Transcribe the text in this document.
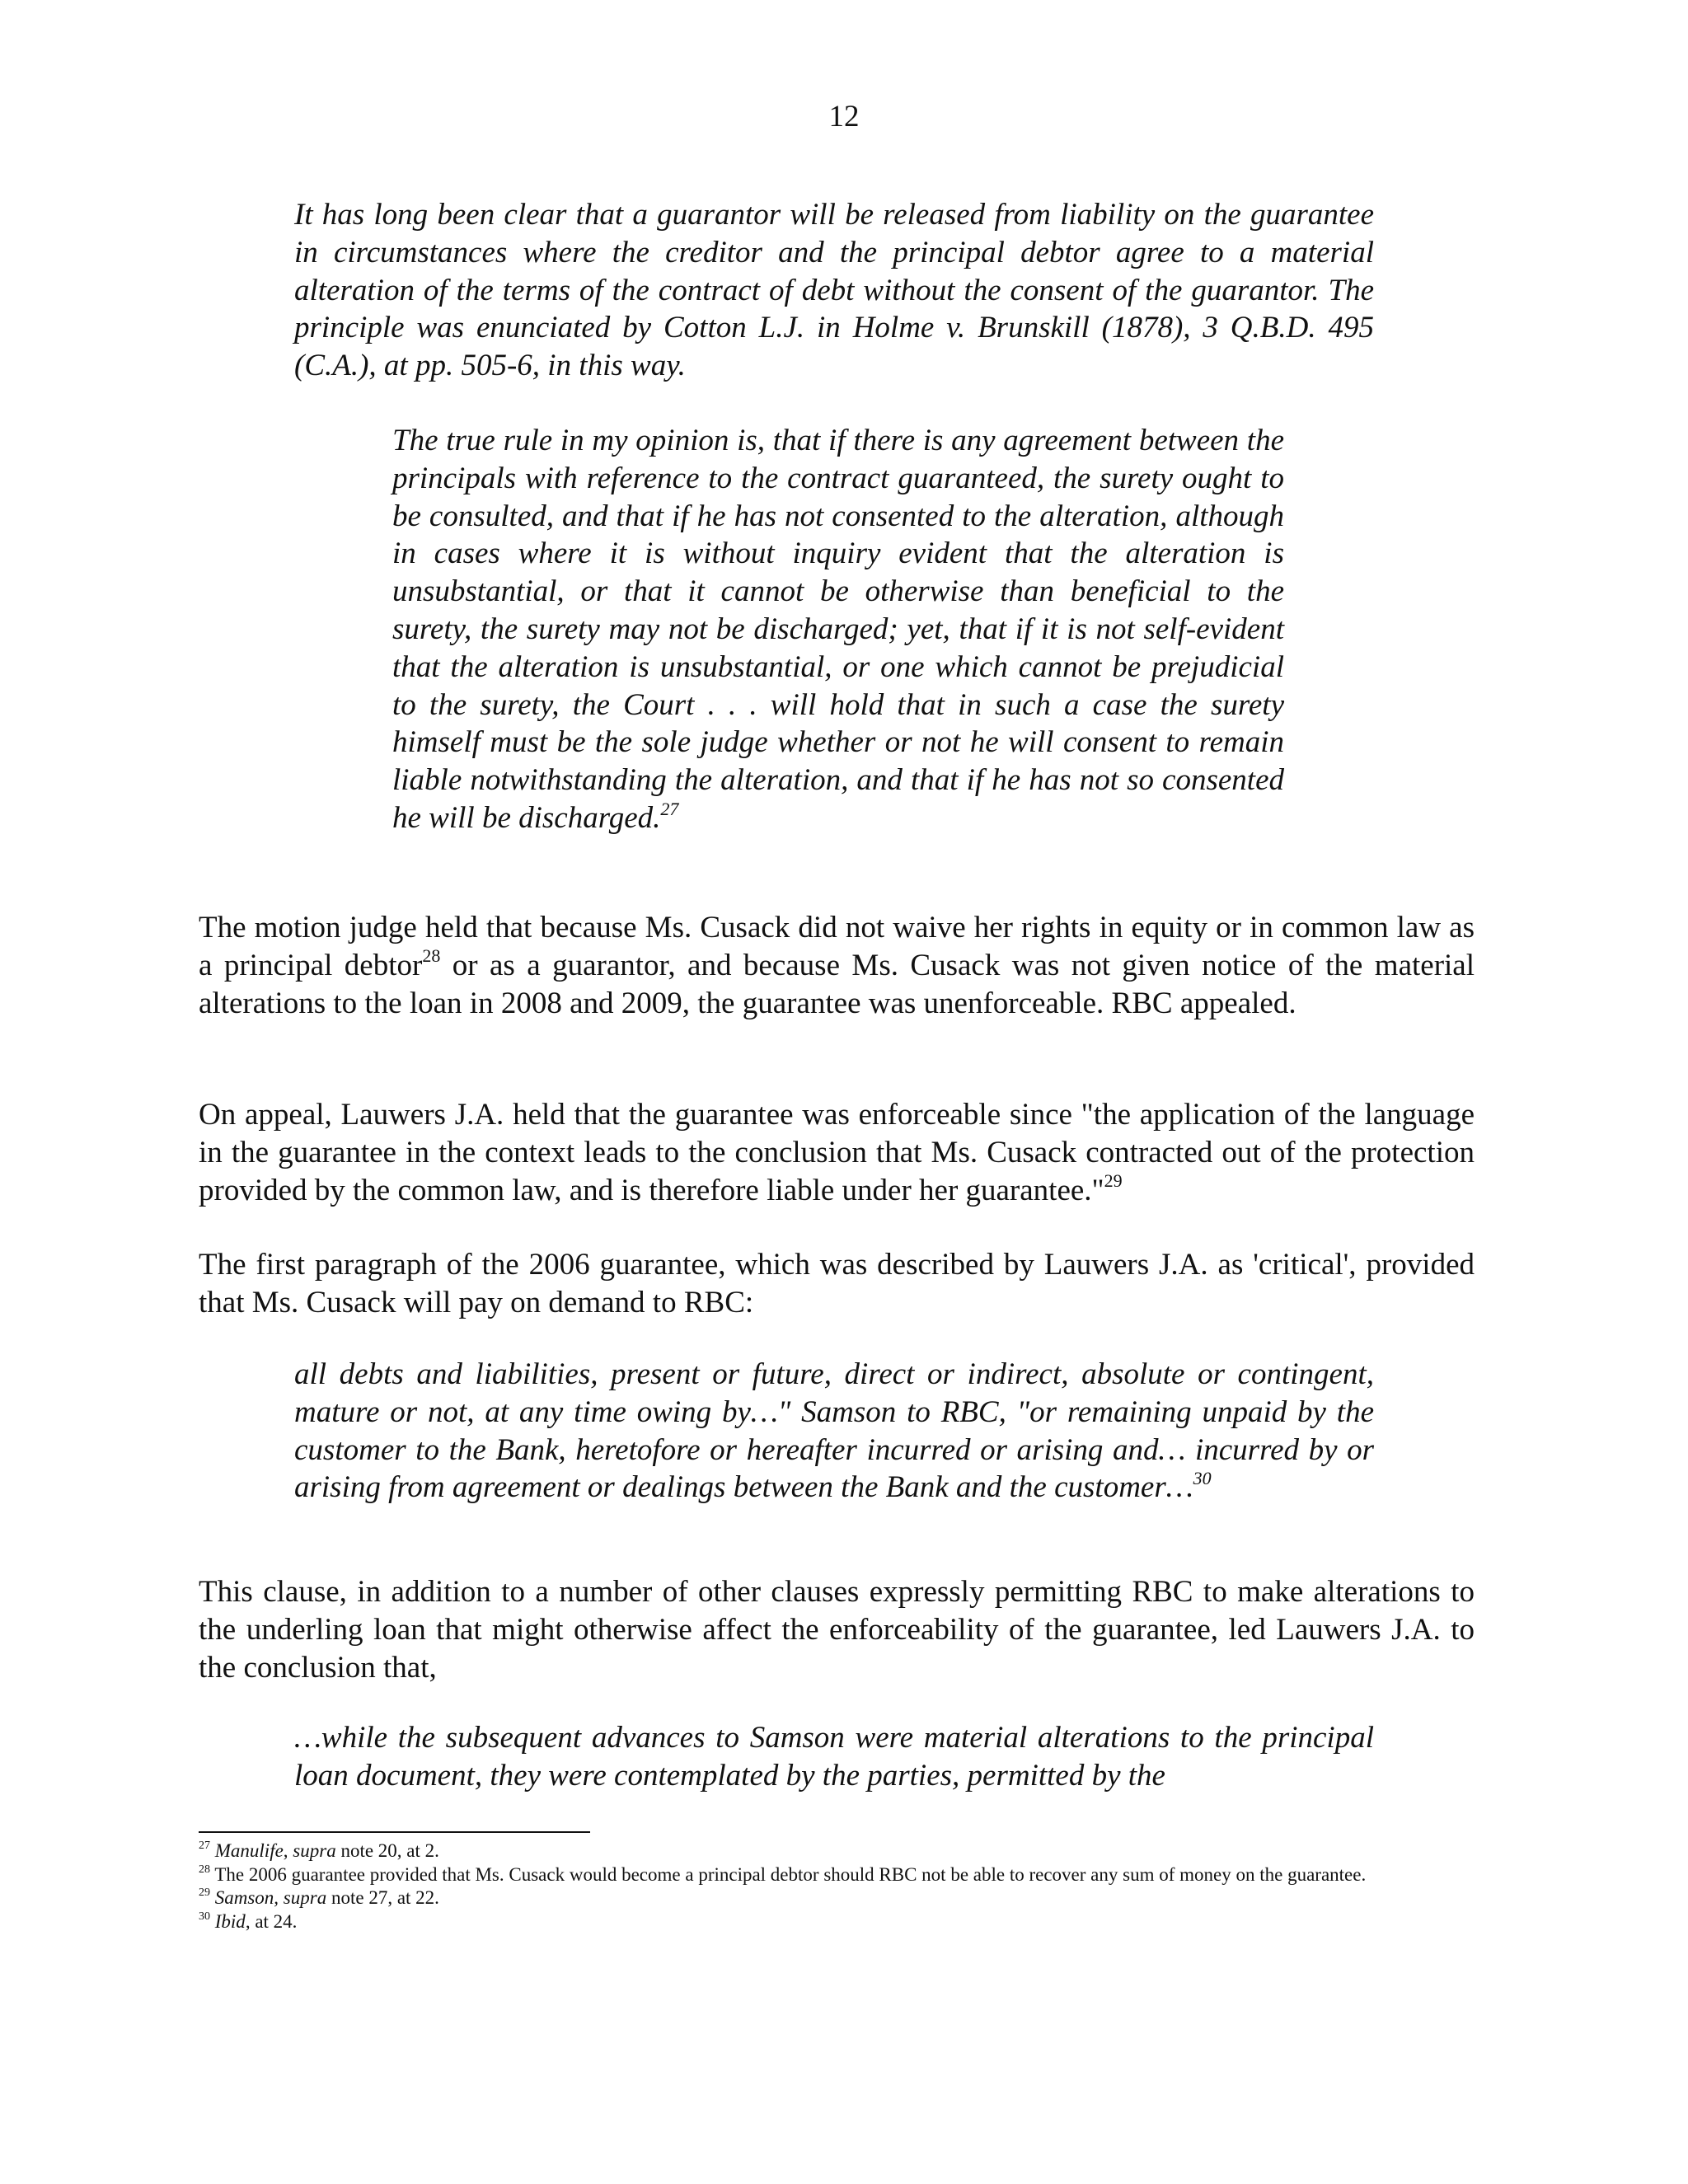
12

It has long been clear that a guarantor will be released from liability on the guarantee in circumstances where the creditor and the principal debtor agree to a material alteration of the terms of the contract of debt without the consent of the guarantor. The principle was enunciated by Cotton L.J. in Holme v. Brunskill (1878), 3 Q.B.D. 495 (C.A.), at pp. 505-6, in this way.

The true rule in my opinion is, that if there is any agreement between the principals with reference to the contract guaranteed, the surety ought to be consulted, and that if he has not consented to the alteration, although in cases where it is without inquiry evident that the alteration is unsubstantial, or that it cannot be otherwise than beneficial to the surety, the surety may not be discharged; yet, that if it is not self-evident that the alteration is unsubstantial, or one which cannot be prejudicial to the surety, the Court . . . will hold that in such a case the surety himself must be the sole judge whether or not he will consent to remain liable notwithstanding the alteration, and that if he has not so consented he will be discharged.$^{27}$

The motion judge held that because Ms. Cusack did not waive her rights in equity or in common law as a principal debtor$^{28}$ or as a guarantor, and because Ms. Cusack was not given notice of the material alterations to the loan in 2008 and 2009, the guarantee was unenforceable. RBC appealed.

On appeal, Lauwers J.A. held that the guarantee was enforceable since "the application of the language in the guarantee in the context leads to the conclusion that Ms. Cusack contracted out of the protection provided by the common law, and is therefore liable under her guarantee."$^{29}$

The first paragraph of the 2006 guarantee, which was described by Lauwers J.A. as 'critical', provided that Ms. Cusack will pay on demand to RBC:

all debts and liabilities, present or future, direct or indirect, absolute or contingent, mature or not, at any time owing by…" Samson to RBC, "or remaining unpaid by the customer to the Bank, heretofore or hereafter incurred or arising and… incurred by or arising from agreement or dealings between the Bank and the customer…$^{30}$

This clause, in addition to a number of other clauses expressly permitting RBC to make alterations to the underling loan that might otherwise affect the enforceability of the guarantee, led Lauwers J.A. to the conclusion that,

…while the subsequent advances to Samson were material alterations to the principal loan document, they were contemplated by the parties, permitted by the

$^{27}$ Manulife, supra note 20, at 2.

$^{28}$ The 2006 guarantee provided that Ms. Cusack would become a principal debtor should RBC not be able to recover any sum of money on the guarantee.

$^{29}$ Samson, supra note 27, at 22.

$^{30}$ Ibid, at 24.
